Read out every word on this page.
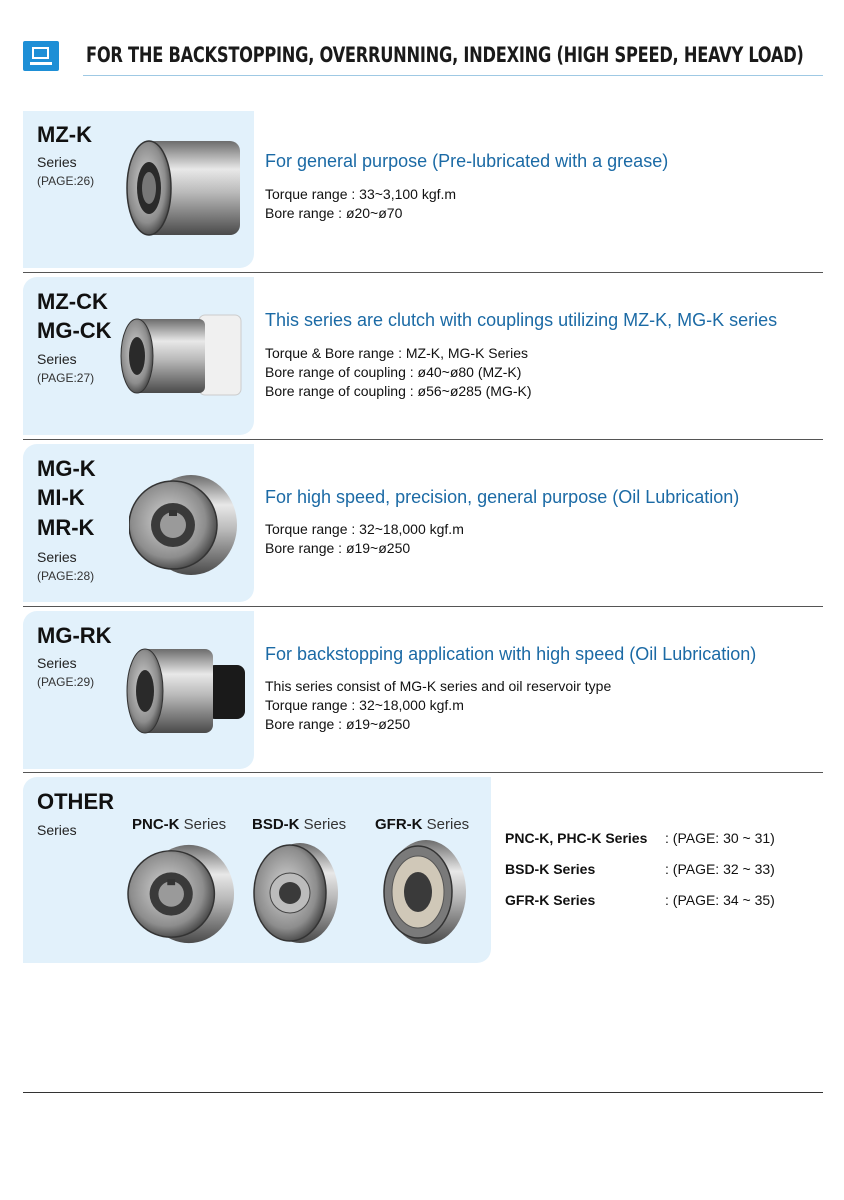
FOR THE BACKSTOPPING, OVERRUNNING, INDEXING (HIGH SPEED, HEAVY LOAD)
MZ-K
Series
(PAGE:26)
For general purpose (Pre-lubricated with a grease)
Torque range : 33~3,100 kgf.m
Bore range : ø20~ø70
MZ-CK
MG-CK
Series
(PAGE:27)
This series are clutch with couplings utilizing MZ-K, MG-K series
Torque & Bore range : MZ-K, MG-K Series
Bore range of coupling : ø40~ø80 (MZ-K)
Bore range of coupling : ø56~ø285 (MG-K)
MG-K
MI-K
MR-K
Series
(PAGE:28)
For high speed, precision, general purpose (Oil Lubrication)
Torque range : 32~18,000 kgf.m
Bore range : ø19~ø250
MG-RK
Series
(PAGE:29)
For backstopping application with high speed (Oil Lubrication)
This series consist of MG-K series and oil reservoir type
Torque range : 32~18,000 kgf.m
Bore range : ø19~ø250
OTHER
Series	PNC-K Series BSD-K Series GFR-K Series
PNC-K, PHC-K Series : (PAGE: 30 ~ 31)
BSD-K Series	: (PAGE: 32 ~ 33)
GFR-K Series	: (PAGE: 34 ~ 35)
